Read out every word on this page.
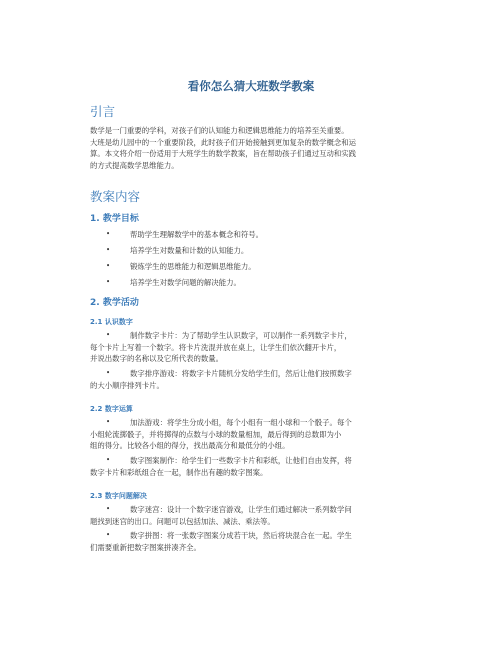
看你怎么猜大班数学教案
引言
数学是一门重要的学科，对孩子们的认知能力和逻辑思维能力的培养至关重要。
大班是幼儿园中的一个重要阶段，此时孩子们开始接触到更加复杂的数学概念和运
算。本文将介绍一份适用于大班学生的数学教案，旨在帮助孩子们通过互动和实践
的方式提高数学思维能力。
教案内容
1. 教学目标
•	帮助学生理解数学中的基本概念和符号。
•	培养学生对数量和计数的认知能力。
•	锻炼学生的思维能力和逻辑思维能力。
•	培养学生对数学问题的解决能力。
2. 教学活动
2.1 认识数字
•	制作数字卡片：为了帮助学生认识数字，可以制作一系列数字卡片，
每个卡片上写着一个数字。将卡片洗混并放在桌上，让学生们依次翻开卡片，
并说出数字的名称以及它所代表的数量。
•	数字排序游戏：将数字卡片随机分发给学生们，然后让他们按照数字
的大小顺序排列卡片。
2.2 数字运算
•	加法游戏：将学生分成小组，每个小组有一组小球和一个骰子。每个
小组轮流掷骰子，并将掷得的点数与小球的数量相加，最后得到的总数即为小
组的得分。比较各小组的得分，找出最高分和最低分的小组。
•	数字图案制作：给学生们一些数字卡片和彩纸，让他们自由发挥，将
数字卡片和彩纸组合在一起，制作出有趣的数字图案。
2.3 数字问题解决
•	数字迷宫：设计一个数字迷宫游戏，让学生们通过解决一系列数学问
题找到迷宫的出口。问题可以包括加法、减法、乘法等。
•	数字拼图：将一张数字图案分成若干块，然后将块混合在一起。学生
们需要重新把数字图案拼凑齐全。
